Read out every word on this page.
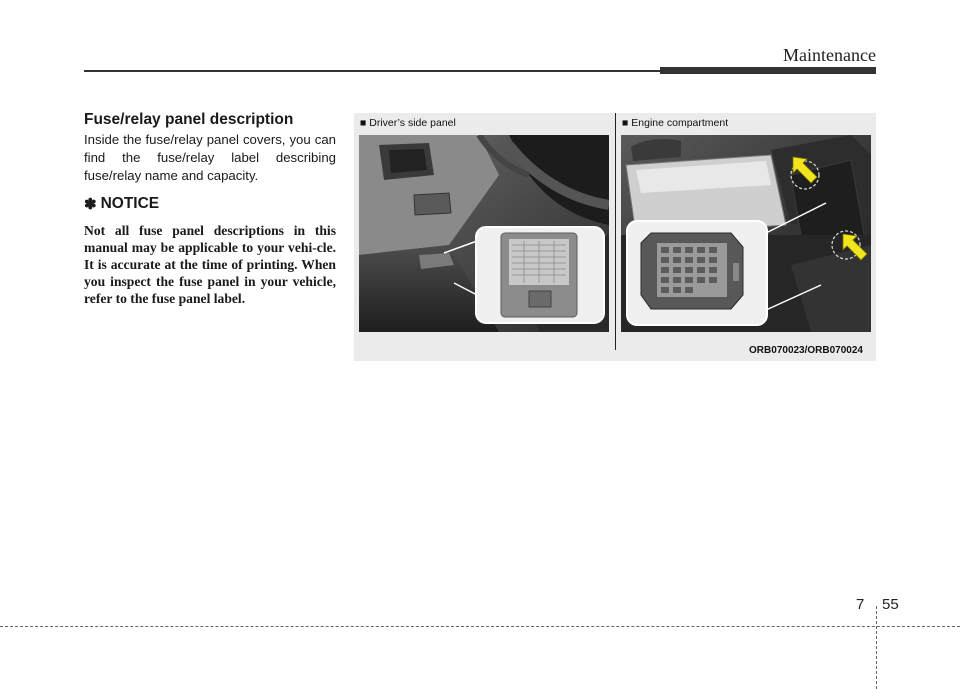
Maintenance
Fuse/relay panel description

Inside the fuse/relay panel covers, you can find the fuse/relay label describing fuse/relay name and capacity.

✽ NOTICE

Not all fuse panel descriptions in this manual may be applicable to your vehi-cle. It is accurate at the time of printing. When you inspect the fuse panel in your vehicle, refer to the fuse panel label.

■ Driver’s side panel	■ Engine compartment
ORB070023/ORB070024
7 55
